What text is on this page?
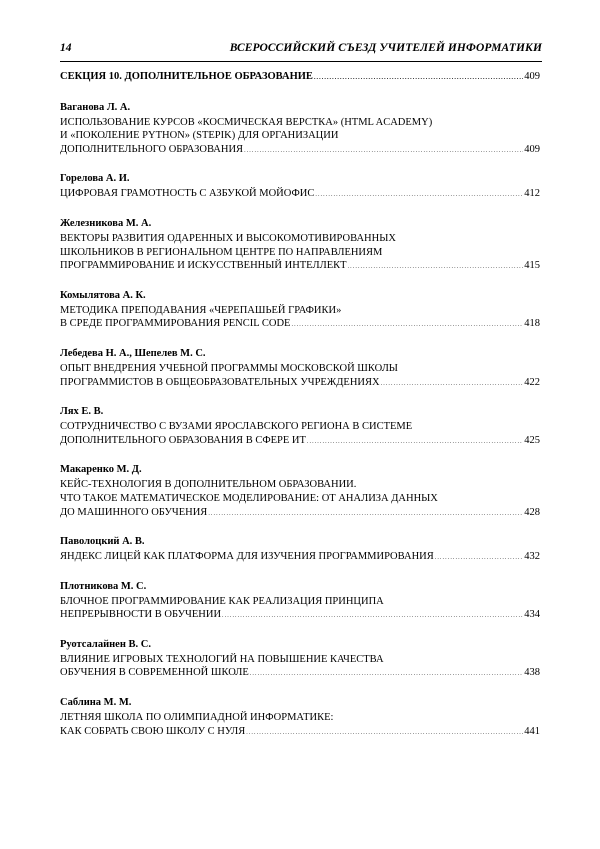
14	ВСЕРОССИЙСКИЙ СЪЕЗД УЧИТЕЛЕЙ ИНФОРМАТИКИ
СЕКЦИЯ 10. ДОПОЛНИТЕЛЬНОЕ ОБРАЗОВАНИЕ . . .	409
Ваганова Л. А.
ИСПОЛЬЗОВАНИЕ КУРСОВ «КОСМИЧЕСКАЯ ВЕРСТКА» (HTML ACADEMY)
И «ПОКОЛЕНИЕ PYTHON» (STEPIK) ДЛЯ ОРГАНИЗАЦИИ
ДОПОЛНИТЕЛЬНОГО ОБРАЗОВАНИЯ . . .	409
Горелова А. И.
ЦИФРОВАЯ ГРАМОТНОСТЬ С АЗБУКОЙ МОЙОФИС . . .	412
Железникова М. А.
ВЕКТОРЫ РАЗВИТИЯ ОДАРЕННЫХ И ВЫСОКОМОТИВИРОВАННЫХ
ШКОЛЬНИКОВ В РЕГИОНАЛЬНОМ ЦЕНТРЕ ПО НАПРАВЛЕНИЯМ
ПРОГРАММИРОВАНИЕ И ИСКУССТВЕННЫЙ ИНТЕЛЛЕКТ . . .	415
Комылятова А. К.
МЕТОДИКА ПРЕПОДАВАНИЯ «ЧЕРЕПАШЬЕЙ ГРАФИКИ»
В СРЕДЕ ПРОГРАММИРОВАНИЯ PENCIL CODE . . .	418
Лебедева Н. А., Шепелев М. С.
ОПЫТ ВНЕДРЕНИЯ УЧЕБНОЙ ПРОГРАММЫ МОСКОВСКОЙ ШКОЛЫ
ПРОГРАММИСТОВ В ОБЩЕОБРАЗОВАТЕЛЬНЫХ УЧРЕЖДЕНИЯХ . . .	422
Лях Е. В.
СОТРУДНИЧЕСТВО С ВУЗАМИ ЯРОСЛАВСКОГО РЕГИОНА В СИСТЕМЕ
ДОПОЛНИТЕЛЬНОГО ОБРАЗОВАНИЯ В СФЕРЕ ИТ . . .	425
Макаренко М. Д.
КЕЙС-ТЕХНОЛОГИЯ В ДОПОЛНИТЕЛЬНОМ ОБРАЗОВАНИИ.
ЧТО ТАКОЕ МАТЕМАТИЧЕСКОЕ МОДЕЛИРОВАНИЕ: ОТ АНАЛИЗА ДАННЫХ
ДО МАШИННОГО ОБУЧЕНИЯ . . .	428
Паволоцкий А. В.
ЯНДЕКС ЛИЦЕЙ КАК ПЛАТФОРМА ДЛЯ ИЗУЧЕНИЯ ПРОГРАММИРОВАНИЯ . . .	432
Плотникова М. С.
БЛОЧНОЕ ПРОГРАММИРОВАНИЕ КАК РЕАЛИЗАЦИЯ ПРИНЦИПА
НЕПРЕРЫВНОСТИ В ОБУЧЕНИИ . . .	434
Руотсалайнен В. С.
ВЛИЯНИЕ ИГРОВЫХ ТЕХНОЛОГИЙ НА ПОВЫШЕНИЕ КАЧЕСТВА
ОБУЧЕНИЯ В СОВРЕМЕННОЙ ШКОЛЕ . . .	438
Саблина М. М.
ЛЕТНЯЯ ШКОЛА ПО ОЛИМПИАДНОЙ ИНФОРМАТИКЕ:
КАК СОБРАТЬ СВОЮ ШКОЛУ С НУЛЯ . . .	441
